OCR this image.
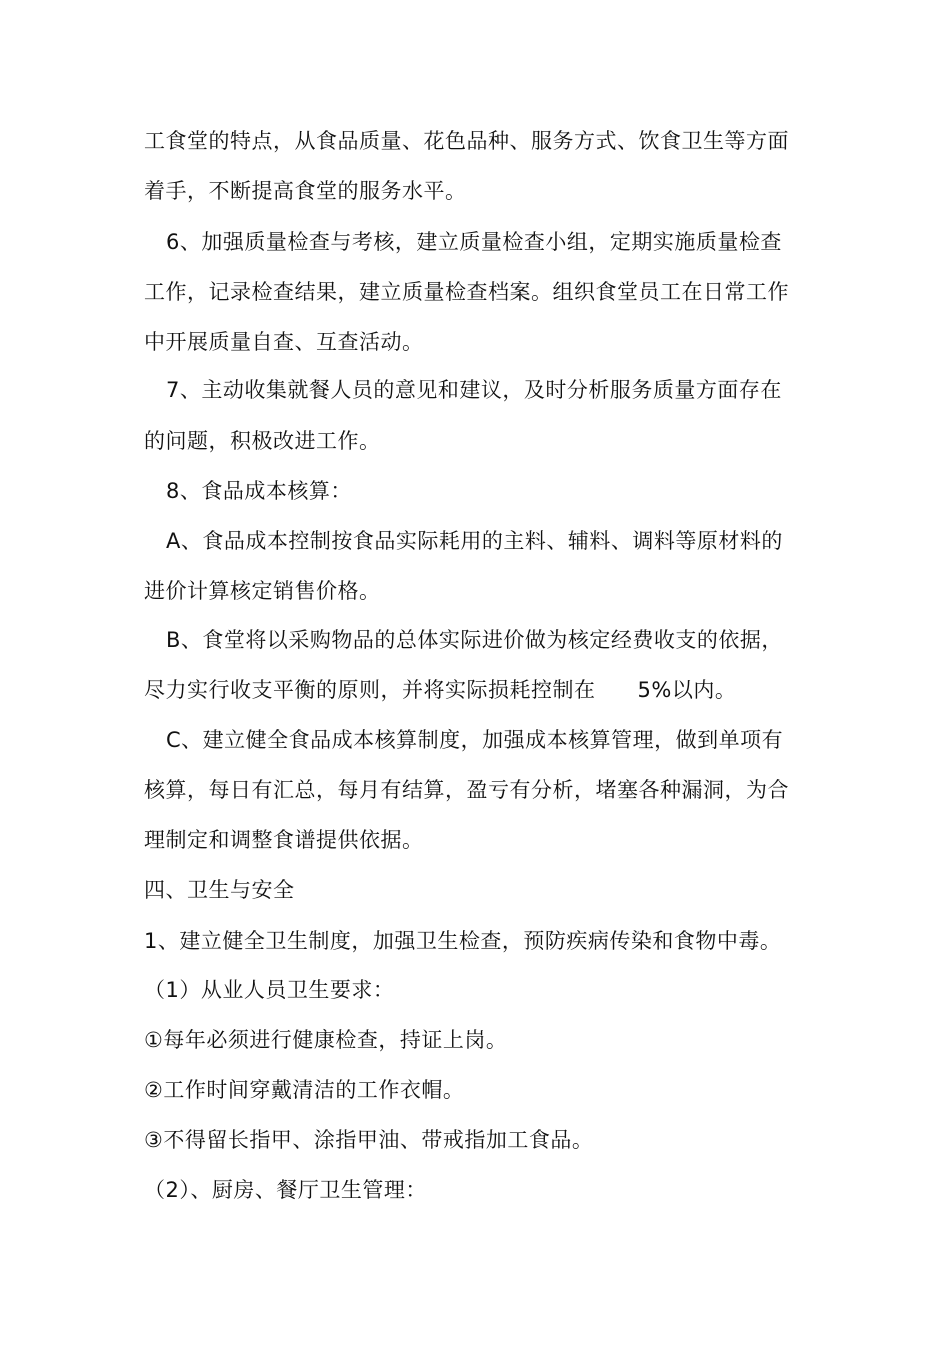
工食堂的特点，从食品质量、花色品种、服务方式、饮食卫生等方面
着手，不断提高食堂的服务水平。
6、加强质量检查与考核，建立质量检查小组，定期实施质量检查
工作，记录检查结果，建立质量检查档案。组织食堂员工在日常工作
中开展质量自查、互查活动。
7、主动收集就餐人员的意见和建议，及时分析服务质量方面存在
的问题，积极改进工作。
8、食品成本核算：
A、食品成本控制按食品实际耗用的主料、辅料、调料等原材料的
进价计算核定销售价格。
B、食堂将以采购物品的总体实际进价做为核定经费收支的依据，
尽力实行收支平衡的原则，并将实际损耗控制在 5%以内。
C、建立健全食品成本核算制度，加强成本核算管理，做到单项有
核算，每日有汇总，每月有结算，盈亏有分析，堵塞各种漏洞，为合
理制定和调整食谱提供依据。
四、卫生与安全
1、建立健全卫生制度，加强卫生检查，预防疾病传染和食物中毒。
（1）从业人员卫生要求：
①每年必须进行健康检查，持证上岗。
②工作时间穿戴清洁的工作衣帽。
③不得留长指甲、涂指甲油、带戒指加工食品。
（2）、厨房、餐厅卫生管理：
